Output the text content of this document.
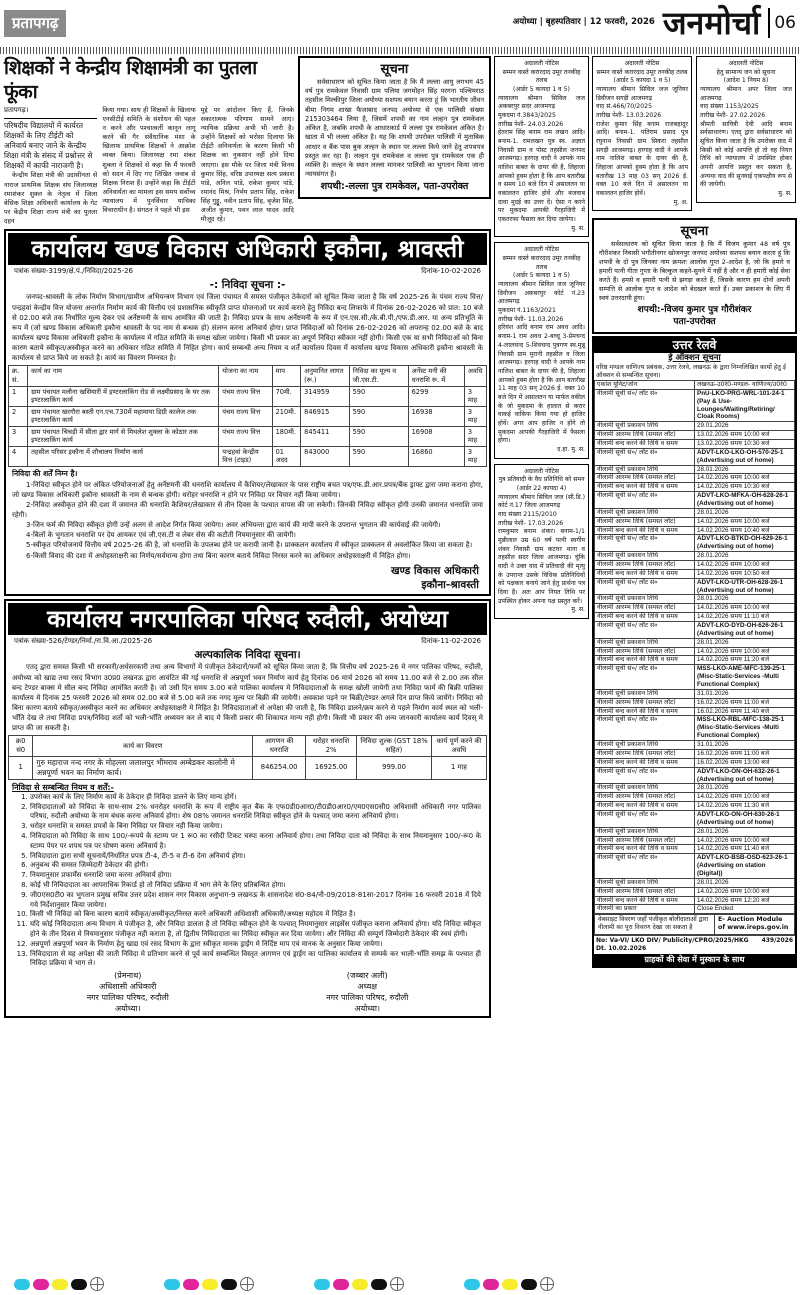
प्रतापगढ़	अयोध्या | बृहस्पतिवार | 12 फरवरी, 2026 जनमोर्चा 06
शिक्षकों ने केन्द्रीय शिक्षामंत्री का पुतला फूंका
प्रतापगढ़।
परिषदीय विद्यालयों में कार्यरत शिक्षकों के लिए टीईटी को अनिवार्य बनाए जाने के केन्द्रीय शिक्षा मंत्री के संसद में प्रश्नोत्तर से शिक्षकों में काफी नाराजगी है।
केन्द्रीय शिक्षा मंत्री की उदासीनता से नाराज प्राथमिक शिक्षक संघ जिलाध्यक्ष रमाशंकर शुक्ल के नेतृत्व में जिला बेसिक शिक्षा अधिकारी कार्यालय के गेट पर केंद्रीय शिक्षा राज्य मंत्री का पुतला दहन
किया गया। साथ ही शिक्षकों के खिलाफ एनसीटीई समिति के संशोधन की पहल न करने और पश्चात्वर्ती कानून लागू करने की गैर संवैधानिक मंशा के खिलाफ प्राथमिक शिक्षकों ने आक्रोश व्यक्त किया। जिलाध्यक्ष रमा शंकर शुक्ला ने शिक्षकों से कहा कि मैं फरवरी को सदन में दिए गए लिखित जवाब से शिक्षक निराश हैं। उन्होंने कहा कि टीईटी अनिवार्यता का मामला इस समय सर्वोच्च न्यायालय में पुनर्विचार याचिका विचाराधीन है। संगठन ने पहले भी इस
मुद्दे पर आंदोलन किए हैं, जिनके सकारात्मक परिणाम सामने आए। न्यायिक प्रक्रिया अभी भी जारी है। उन्होंने शिक्षकों को भरोसा दिलाया कि टीईटी अनिवार्यता के कारण किसी भी शिक्षक का नुकसान नहीं होने दिया जाएगा। इस मौके पर जिला मंत्री विनय कुमार सिंह, वरिष्ठ उपाध्यक्ष सत्य प्रकाश पांडे, अनिल पांडे, राकेश कुमार पांडे, रमानंद मिश्र, निर्भय प्रताप सिंह, राकेश सिंह गुड्डू, नवीन प्रताप सिंह, बृजेश सिंह, अजीत कुमार, पवन लाल यादव आदि मौजूद रहे।
सूचना
सर्वसाधारण को सूचित किया जाता है कि मैं लल्ला आयु लगभग 45 वर्ष पुत्र रामकेवल निवासी ग्राम पलिया जगमोहन सिंह परगना पश्चिमराठ तहसील मिल्कीपुर जिला अयोध्या सशपथ बयान करता हूं कि भारतीय जीवन बीमा निगम शाखा फैजाबाद जनपद अयोध्या से एक पालिसी संख्या 215303464 लिया है, जिसमें शपथी का नाम लल्हन पुत्र रामकेवल अंकित है, जबकि शपथी के आधारकार्ड में लल्ला पुत्र रामकेवल अंकित है। खाता में भी लल्ला अंकित है। यह कि शपथी उपरोक्त पालिसी में मुताबिक आधार व बैंक पास बुक लल्हन के स्थान पर लल्ला किये जाने हेतु शपथपत्र प्रस्तुत कर रहा है। लल्हन पुत्र रामकेवल व लल्ला पुत्र रामकेवल एक ही व्यक्ति है। लल्हन के स्थान लल्ला मानकर पालिसी का भुगतान किया जाना न्यायसंगत है।
शपथी:-लल्ला पुत्र रामकेवल, पता-उपरोक्त
कार्यालय खण्ड विकास अधिकारी इकौना, श्रावस्ती
पत्रांक संख्या-3199/क्षे.पं./निविदा/2025-26	दिनांक-10-02-2026
-: निविदा सूचना :-
जनपद-श्रावस्ती के लोक निर्माण विभाग/ग्रामीण अभियन्त्रण विभाग एवं जिला पंचायत में समस्त पंजीकृत ठेकेदारों को सूचित किया जाता है कि वर्ष 2025-26 के पंचम राज्य वित्त/पन्द्रहवां केन्द्रीय वित्त योजना अन्तर्गत निर्माण कार्य की वित्तीय एवं प्रशासनिक स्वीकृति प्राप्त योजनाओं पर कार्य कराने हेतु निविदा बन्द लिफाफे में दिनांक 26-02-2026 को प्रात: 10 बजे से 02.00 बजे तक निर्धारित मूल्य देकर एवं अर्नेष्टमनी के साथ आमंत्रित की जाती है। निविदा प्रपत्र के साथ अर्नेष्टमनी के रूप में एन.एस.सी./के.बी.पी./एफ.डी.आर. या अन्य प्रतिभूति के रूप में (जो खण्ड विकास अधिकारी इकौना श्रावस्ती के पद नाम से बन्धक हो) संलग्न करना अनिवार्य होगा। प्राप्त निविदाओं को दिनांक 26-02-2026 को अपरान्ह 02.00 बजे के बाद कार्यालय खण्ड विकास अधिकारी इकौना के कार्यालय में गठित समिति के समक्ष खोला जायेगा। किसी भी प्रकार का अपूर्ण निविदा स्वीकार नहीं होगी। किसी एक या सभी निविदाओं को बिना कारण बताये स्वीकृत/अस्वीकृत करने का अधिकार गठित समिति में निहित होगा। कार्य सम्बन्धी अन्य नियम व शर्तें कार्यालय दिवस में कार्यालय खण्ड विकास अधिकारी इकौना श्रावस्ती के कार्यालय से प्राप्त किये जा सकते है। कार्य का विवरण निम्नवत है।
क्र. सं.	कार्य का नाम	योजना का नाम	माप	अनुमानित लागत (रू.)	निविदा का मूल्य व जी.एस.टी.	अर्नेस्ट मनी की धनराशि रू. में	अवधि
1	ग्राम पंचायत मलौना खसियारी में इण्टरलाकिंग रोड से लक्ष्मीप्रसाद के घर तक इण्टरलाकिंग कार्य	पंचम राज्य वित्त	70मी.	314959	590	6299	3 माह
2	ग्राम पंचायत खरगौरा बस्ती एन.एच.730में महामाया डिग्री कालेज तक इण्टरलाकिंग कार्य	पंचम राज्य वित्त	210मी.	846915	590	16938	3 माह
3	ग्राम पंचायत चिचड़ी में सीता द्वार मार्ग से मिथलेश शुक्ला के कोठार तक इण्टरलाकिंग कार्य	पंचम राज्य वित्त	180मी.	845411	590	16908	3 माह
4	तहसील परिसर इकौना में शौचालय निर्माण कार्य	पन्द्रहवां केन्द्रीय वित्त (टाइड)	01 अदद	843000	590	16860	3 माह
निविदा की शर्तें निम्न है।
1-निविदा स्वीकृत होने पर अंकित परियोजनाओं हेतु अर्नेष्टमनी की धनराशि कार्यालय में कैशियर/लेखाकार के पास राष्ट्रीय बचत पत्र/एफ.डी.आर.प्रपत्र/बैंक ड्राफ्ट द्वारा जमा कराना होगा, जो खण्ड विकास अधिकारी इकौना श्रावस्ती के नाम से बन्धक होगी। धरोहर धनराशि न होने पर निविदा पर विचार नहीं किया जायेगा।
2-निविदा अस्वीकृत होने की दशा में जमानत की धनराशि कैशियर/लेखाकार से तीन दिवस के पश्चात वापस की जा सकेगी। जिनकी निविदा स्वीकृत होगी उनकी जमानत धनराशि जमा रहेगी।
3-जिन फर्म की निविदा स्वीकृत होगी उन्हें अलग से आदेश निर्गत किया जायेगा। अवर अभियन्ता द्वारा कार्य की मापी करने के उपरान्त भुगतान की कार्यवाई की जायेगी।
4-बिलों के भुगतान धनराशि पर देय आयकर एवं जी.एस.टी व लेबर सेस की कटौती नियमानुसार की जायेगी।
5-स्वीकृत परियोजनायें वित्तीय वर्ष 2025-26 की है, जो धनराशि के उपलब्ध होने पर करायी जानी है। प्राक्कलन कार्यालय में स्वीकृत प्राक्कलन से अवलोकित किया जा सकता है।
6-किसी विवाद की दशा में अधोहस्ताक्षरी का निर्णय/सर्वमान्य होगा तथा बिना कारण बताये निविदा निरस्त करने का अधिकार अधोहस्ताक्षरी में निहित होगा।
खण्ड विकास अधिकारी
इकौना-श्रावस्ती
कार्यालय नगरपालिका परिषद रुदौली, अयोध्या
पत्रांक संख्या-526/टेण्डर/निर्मा./रा.वि.आ./2025-26	दिनांक-11-02-2026
अल्पकालिक निविदा सूचना।
एतद् द्वारा समस्त किसी भी सरकारी/अर्धसरकारी तथा अन्य विभागों में पंजीकृत ठेकेदारों/फर्मों को सूचित किया जाता है, कि वित्तीय वर्ष 2025-26 मे नगर पालिका परिषद, रुदौली, अयोध्या को खाद्य तथा रसद विभाग उ0प्र0 लखनऊ द्वारा आवंटित की गई धनराशि से अन्नपूर्णा भवन निर्माण कार्य हेतु दिनांक 06 मार्च 2026 को समय 11.00 बजे से 2.00 तक सील बन्द टेण्डर बाक्स मे सील बन्द निविदा आमंत्रित करती है। जो उसी दिन समय 3.00 बजे पालिका कार्यालय मे निविदादाताओं के समक्ष खोली जायेगी तथा निविदा फार्म की बिक्री पालिका कार्यालय मे दिनांक 25 फरवरी 2026 को समय 02.00 बजे से 5.00 बजे तक नगद मूल्य पर बिक्री की जायेगी। अवकाश पड़ने पर बिक्री/टेण्डर अगले दिन प्राप्त किये जायेंगे। निविदा को बिना कारण बताये स्वीकृत/अस्वीकृत करने का अधिकार अधोहस्ताक्षरी मे निहित है। निविदादाताओं से अपेक्षा की जाती है, कि निविदा डालने/क्रय करने से पहले निर्माण कार्य स्थल को भली-भाँति देख ले तथा निविदा प्रपत्र/निविदा शर्तो को भली-भाँति अध्ययन कर लें बाद मे किसी प्रकार की शिकायत मान्य नही होगी। किसी भी प्रकार की अन्य जानकारी कार्यालय कार्य दिवस् मे प्राप्त की जा सकती है।
क्र0 सं0	कार्य का विवरण	आगणन की धनराशि	धरोहर धनराशि 2%	निविदा शुल्क (GST 18% सहित)	कार्य पूर्ण करने की अवधि
1	गुरु महाराज नन्द नगर के मोहल्ला जलालपुर भीमराव अम्बेडकर कालोनी मे अन्नपूर्णा भवन का निर्माण कार्य।	846254.00	16925.00	999.00	1 माह
निविदा से सम्बन्धित नियम व शर्तें:-
1. उपरोक्त कार्य के लिए निर्माण कार्य के ठेकेदार ही निविदा डालने के लिए मान्य होगें।
2. निविदादाताओं को निविदा के साथ-साथ 2% धनरोहर धनराशि के रूप में राष्ट्रीय कृत बैंक के एफ0डी0आर0/टी0डी0आर0/एम0एस0सी0 अधिशासी अधिकारी नगर पालिका परिषद, रुदौली अयोध्या के नाम बंधक करना अनिवार्य होगा। शेष 08% जमानत धनराशि निविदा स्वीकृत होने के पश्चात् जमा करना अनिवार्य होगा।
3. धरोहर धनराशि व समस्त प्रपत्रों के बिना निविदा पर विचार नही किया जायेगा।
4. निविदादाता को निविदा के साथ 100/-रूपये के स्टाम्प पर 1 रू0 का रसीदी टिकट चस्पा करना अनिवार्य होगा। तथा निविदा दाता को निविदा के साथ नियमानुसार 100/-रू0 के स्टाम्प पेपर पर शपथ पत्र पर घोषण करना अनिवार्य है।
5. निविदादाता द्वारा सभी सूचनायें/निर्धारित प्रपत्र टी-4, टी-5 व टी-6 देना अनिवार्य होगा।
6. अनुबन्ध की समस्त जिम्मेदारी ठेकेदार की होगी।
7. नियमानुसार प्रफार्मेंस धनराशि जमा करना अनिवार्य होगा।
8. कोई भी निविदादाता का आपराधिक रिकार्ड हो तो निविदा प्रक्रिया में भाग लेने के लिए प्रतिबन्धित होगा।
9. जी0एस0टी0 का भुगतान प्रमुख सचिव उत्तर प्रदेश शासन नगर विकास अनुभाग-9 लखनऊ के शासनादेश सं0-84/नौ-09/2018-81सा-2017 दिनांक 16 फरवरी 2018 में दिये गये निर्देशानुसार किया जायेगा।
10. किसी भी निविदा को बिना कारण बताये स्वीकृत/अस्वीकृत/निरस्त करने अधिकारी अधिशासी अधिकारी/अध्यक्ष महोदय में निहित है।
11. यदि कोई निविदादाता अन्य विभाग मे पंजीकृत है, और निविदा डालता है तो निविदा स्वीकृत होने के पश्चात् नियमानुसार लाइसेंस पंजीकृत कराना अनिवार्य होगा। यदि निविदा स्वीकृत होने के तीन दिवस मे नियमानुसार पंजीकृत नही कराता है, तो द्वितीय निविदादाता का निविदा स्वीकृत कर दिया जायेगा। और निविदा की सम्पूर्ण जिम्मेदारी ठेकेदार की स्वयं होगी।
12. अन्नपूर्णा अन्नपूर्णा भवन के निर्माण हेतु खाद्य एवं रसद विभाग के द्वारा स्वीकृत मानक ड्राईंग मे निर्दिष्ट माप एवं मानक के अनुसार किया जायेगा।
13. निविदादाता से यह अपेक्षा की जाती निविदा मे प्रतिभाग करने से पूर्व कार्य सम्बन्धित विस्तृत आगणन एवं ड्राईंग का पालिका कार्यालय से सम्पर्क कर भाली-भाँति समझ के पश्चात ही निविदा प्रक्रिया मे भाग ले।
(प्रेमनाथ)
अधिशासी अधिकारी
नगर पालिका परिषद, रुदौली
अयोध्या।
(जब्बार अली)
अध्यक्ष
नगर पालिका परिषद, रुदौली
अयोध्या।
अदालती नोटिस
सम्मन वास्ते करारदाद उमूर तनकीह तलब
(आर्डर 5 कायदा 1 व 5)
न्यायालय श्रीमान सिविल जज अकबरपुर सदर आजमगढ़
मुकदमा नं.3843/2025
तारीख पेशी- 24.03.2026
हेतराम सिंह बनाम राम लखन आदि। बनाम-1. रामलखन पुत्र स्व. अज्ञात निवासी ग्राम व पोस्ट तहसील जनपद आजमगढ़। हरगाह वादी ने आपके नाम नालिश बाबत के दायर की है, लिहाजा आपको हुक्म होता है कि आप बतारीख व समय 10 बजे दिन में असालतन या वकालतन हाजिर होवें और बजवाब दावा मुदई का उत्तर दें। ऐसा न करने पर मुकदमा आपकी गैरहाजिरी में एकतरफा फैसला कर दिया जायेगा।
मु. स.
अदालती नोटिस
सम्मन वास्ते करारदाद उमूर तनकीह तलब
(आर्डर 5 कायदा 1 व 5)
न्यायालय श्रीमान सिविल जज जूनियर डिवीजन अकबरपुर कोर्ट नं.23 आजमगढ़
मुकदमा नं.1163/2021
तारीख पेशी- 11.03.2026
हरिवंश आदि बनाम राम अवध आदि। बनाम-1 राम अवध 2-बच्चू 3-प्रेमचन्द 4-लालचन्द 5-शिवचन्द पुत्रगण स्व.मुन्नू निवासी ग्राम मुरानी तहसील व जिला आजमगढ़। हरगाह वादी ने आपके नाम नालिश बाबत के दायर की है, लिहाजा आपको हुक्म होता है कि आप बतारीख 11 माह 03 सन् 2026 ई. वक्त 10 बजे दिन में असालतन या मार्फत वकील के जो मुकदमा के हालात से करार वाकई वाकिफ किया गया हो हाजिर होवें। अगर आप हाजिर न होंगे तो मुकदमा आपकी गैरहाजिरी में फैसला होगा।
द.हा. मु. स.
अदालती नोटिस
पुत्र प्रतिवादी के वैध प्रतिनिधि को समन
(आर्डर 22 कायदा 4)
न्यायालय श्रीमान सिविल जज (सी.डि.) कोर्ट नं.17 जिला आजमगढ़
वाद संख्या 2115/2010
तारीख पेशी- 17.03.2026
रामकुमार बनाम शंकर। बनाम-1/1 मुन्नीलाल उम्र 60 वर्ष पत्नी स्वर्गीय शंकर निवासी ग्राम कटघर थाना व तहसील सदर जिला आजमगढ़। चूंकि वादी ने उक्त वाद में प्रतिवादी की मृत्यु के उपरान्त उसके विधिक प्रतिनिधियों को पक्षकार बनाये जाने हेतु प्रार्थना पत्र दिया है। अतः आप नियत तिथि पर उपस्थित होकर अपना पक्ष प्रस्तुत करें।
मु. स.
अदालती नोटिस
सम्मन वास्ते करारदाद उमूर तनकीह तलब
(आर्डर 5 कायदा 1 व 5)
न्यायालय श्रीमान सिविल जज जूनियर डिवीजन सगड़ी आजमगढ़
वाद सं.466/70/2025
तारीख पेशी- 13.03.2026
राजेश कुमार सिंह बनाम राजबहादुर आदि। बनाम-1. पतिराम प्रसाद पुत्र रघुनाथ निवासी ग्राम सिकरा तहसील सगड़ी आजमगढ़। हरगाह वादी ने आपके नाम नालिश बाबत के दायर की है, लिहाजा आपको हुक्म होता है कि आप बतारीख 13 माह 03 सन् 2026 ई. वक्त 10 बजे दिन में असालतन या वकालतन हाजिर होवें।
मु. अ.
अदालती नोटिस
हेतु सामान्य जन को सूचना
(आदेश 1 नियम 8)
न्यायालय श्रीमान अपर जिला जज आजमगढ़
वाद संख्या 1153/2025
तारीख पेशी- 27.02.2026
श्रीमती सावित्री देवी आदि बनाम सर्वसाधारण। एतद् द्वारा सर्वसाधारण को सूचित किया जाता है कि उपरोक्त वाद में किसी को कोई आपत्ति हो तो वह नियत तिथि को न्यायालय में उपस्थित होकर अपनी आपत्ति प्रस्तुत कर सकता है, अन्यथा वाद की सुनवाई एकपक्षीय रूप से की जायेगी।
मु. स.
सूचना
सर्वसाधारण को सूचित किया जाता है कि मैं विजय कुमार 48 वर्ष पुत्र गौरीशंकर निवासी भगौतीनगर खोजनपुर जनपद अयोध्या सशपथ बयान करता हूं कि शपथी के दो पुत्र जिनका नाम क्रमशः आलोक गुप्त 2-आदेश है, जो कि हमारे व हमारी पत्नी गीता गुप्ता के बिल्कुल कहने-सुनने में नहीं है और न ही हमारी कोई सेवा करते हैं। हमसे व हमारी पत्नी से झगड़ा करते हैं, जिसके कारण हम दोनों अपनी सम्पत्ति से आलोक गुप्त व आदेश को बेदखल करते हैं। उक्त प्रकाशन के लिए मैं स्वयं उत्तरदायी हूंगा।
शपथी:-विजय कुमार पुत्र गौरीशंकर
पता-उपरोक्त
उत्तर रेलवे
ई ऑक्शन सूचना
वरिष्ठ मण्डल वाणिज्य प्रबंधक, उत्तर रेलवे, लखनऊ के द्वारा निम्नलिखित कार्यो हेतु ई ऑक्शन से सम्बन्धित सूचना।
एकांश यूनिट/जोन	लखनऊ-उ0रे0-मण्डल- वाणिज्य/उ0रे0
नीलामी सूची सं०/ लॉट सं०	PnU-LKO-PRG-WRL-101-24-1 (Pay & Use-Lounges/Waiting/Retiring/ Cloak Rooms)
नीलामी सूची प्रकाशन तिथि	29.01.2026
नीलामी आरम्भ तिथि (समस्त लॉट)	13.02.2026 समय 10:00 बजे
नीलामी बन्द करने की तिथि व समय	13.02.2026 समय 10:30 बजे
नीलामी सूची सं०/ लॉट सं०	ADVT-LKO-LKO-OH-570-25-1 (Advertising out of home)
नीलामी सूची प्रकाशन तिथि	28.01.2026
नीलामी आरम्भ तिथि (समस्त लॉट)	14.02.2026 समय 10:00 बजे
नीलामी बन्द करने की तिथि व समय	14.02.2026 समय 10:30 बजे
नीलामी सूची सं०/ लॉट सं०	ADVT-LKO-MFKA-OH-628-26-1 (Advertising out of home)
नीलामी सूची प्रकाशन तिथि	28.01.2026
नीलामी आरम्भ तिथि (समस्त लॉट)	14.02.2026 समय 10:00 बजे
नीलामी बन्द करने की तिथि व समय	14.02.2026 समय 10:40 बजे
नीलामी सूची सं०/ लॉट सं०	ADVT-LKO-BTKD-OH-629-26-1 (Advertising out of home)
नीलामी सूची प्रकाशन तिथि	28.01.2026
नीलामी आरम्भ तिथि (समस्त लॉट)	14.02.2026 समय 10:00 बजे
नीलामी बन्द करने की तिथि व समय	14.02.2026 समय 10:50 बजे
नीलामी सूची सं०/ लॉट सं०	ADVT-LKO-UTR-OH-628-26-1 (Advertising out of home)
नीलामी सूची प्रकाशन तिथि	28.01.2026
नीलामी आरम्भ तिथि (समस्त लॉट)	14.02.2026 समय 10:00 बजे
नीलामी बन्द करने की तिथि व समय	14.02.2026 समय 11:10 बजे
नीलामी सूची सं०/ लॉट सं०	ADVT-LKO-DYD-OH-626-26-1 (Advertising out of home)
नीलामी सूची प्रकाशन तिथि	28.01.2026
नीलामी आरम्भ तिथि (समस्त लॉट)	14.02.2026 समय 10:00 बजे
नीलामी बन्द करने की तिथि व समय	14.02.2026 समय 11:20 बजे
नीलामी सूची सं०/ लॉट सं०	MSS-LKO-AME-MFC-139-25-1 (Misc-Static-Services -Multi Functional Complex)
नीलामी सूची प्रकाशन तिथि	31.01.2026
नीलामी आरम्भ तिथि (समस्त लॉट)	16.02.2026 समय 11:00 बजे
नीलामी बन्द करने की तिथि व समय	16.02.2026 समय 11:40 बजे
नीलामी सूची सं०/ लॉट सं०	MSS-LKO-RBL-MFC-138-25-1 (Misc-Static-Services -Multi Functional Complex)
नीलामी सूची प्रकाशन तिथि	31.01.2026
नीलामी आरम्भ तिथि (समस्त लॉट)	16.02.2026 समय 11:00 बजे
नीलामी बन्द करने की तिथि व समय	16.02.2026 समय 13:00 बजे
नीलामी सूची सं०/ लॉट सं०	ADVT-LKO-ON-OH-632-26-1 (Advertising out of home)
नीलामी सूची प्रकाशन तिथि	28.01.2026
नीलामी आरम्भ तिथि (समस्त लॉट)	14.02.2026 समय 10:00 बजे
नीलामी बन्द करने की तिथि व समय	14.02.2026 समय 11:30 बजे
नीलामी सूची सं०/ लॉट सं०	ADVT-LKO-ON-OH-630-26-1 (Advertising out of home)
नीलामी सूची प्रकाशन तिथि	28.01.2026
नीलामी आरम्भ तिथि (समस्त लॉट)	14.02.2026 समय 10:00 बजे
नीलामी बन्द करने की तिथि व समय	14.02.2026 समय 11:40 बजे
नीलामी सूची सं०/ लॉट सं०	ADVT-LKO-BSB-OSD-623-26-1 (Advertising on station (Digital))
नीलामी सूची प्रकाशन तिथि	28.01.2026
नीलामी आरम्भ तिथि (समस्त लॉट)	14.02.2026 समय 10:00 बजे
नीलामी बन्द करने की तिथि व समय	14.02.2026 समय 12:20 बजे
नीलामी का प्रकार	Close Ended
वेबसाइट विवरण जहाँ पंजीकृत बोलीदाताओं द्वारा नीलामी का पूरा विवरण देखा जा सकता है	E- Auction Module of www.ireps.gov.in
No: Va-VI/ LKO DIV/ Publicity/CPRO/2025/HKG Dt. 10.02.2026
439/2026
ग्राहकों की सेवा में मुस्कान के साथ
